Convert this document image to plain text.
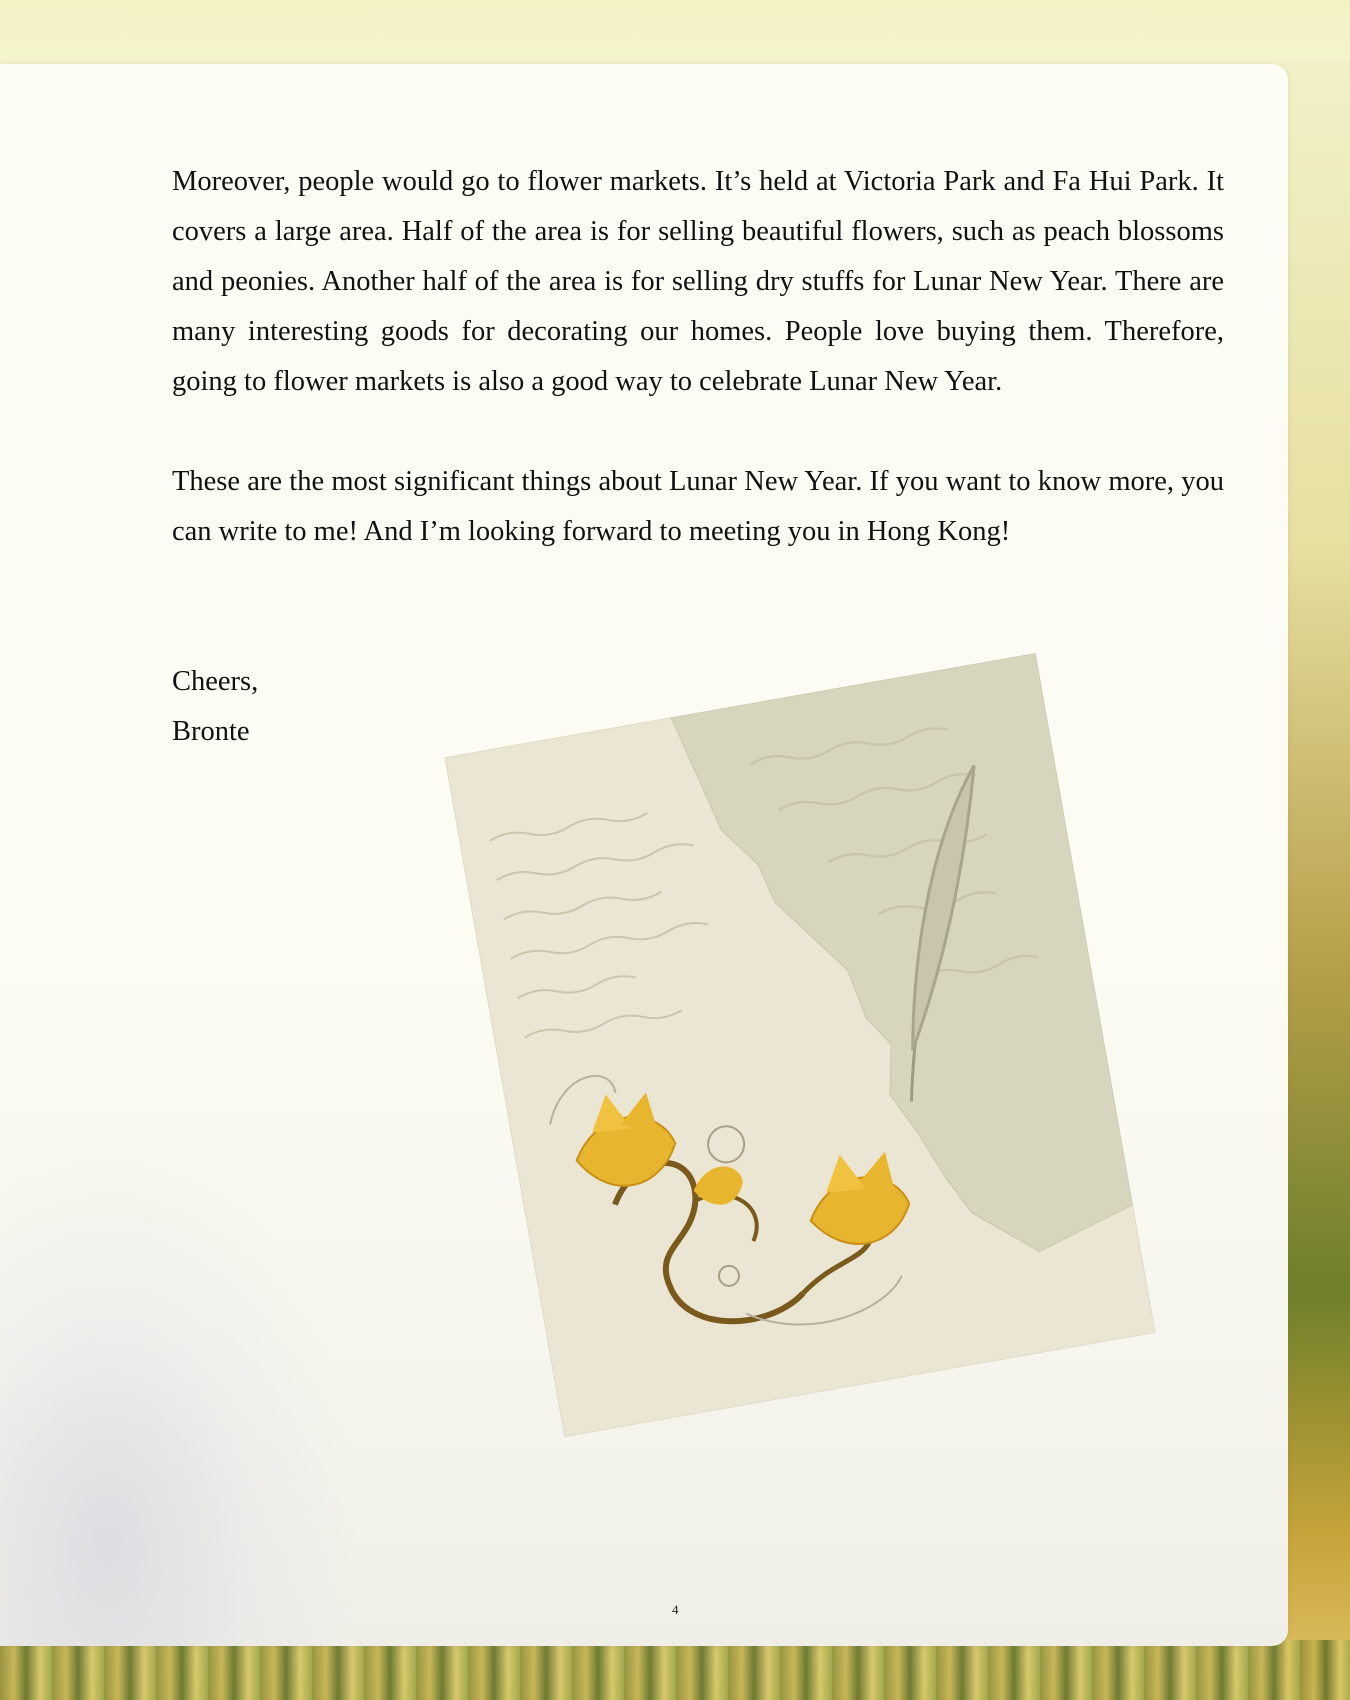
Moreover, people would go to flower markets. It’s held at Victoria Park and Fa Hui Park. It covers a large area. Half of the area is for selling beautiful flowers, such as peach blossoms and peonies. Another half of the area is for selling dry stuffs for Lunar New Year. There are many interesting goods for decorating our homes. People love buying them. Therefore, going to flower markets is also a good way to celebrate Lunar New Year.

These are the most significant things about Lunar New Year. If you want to know more, you can write to me! And I’m looking forward to meeting you in Hong Kong!

Cheers,
Bronte
4
